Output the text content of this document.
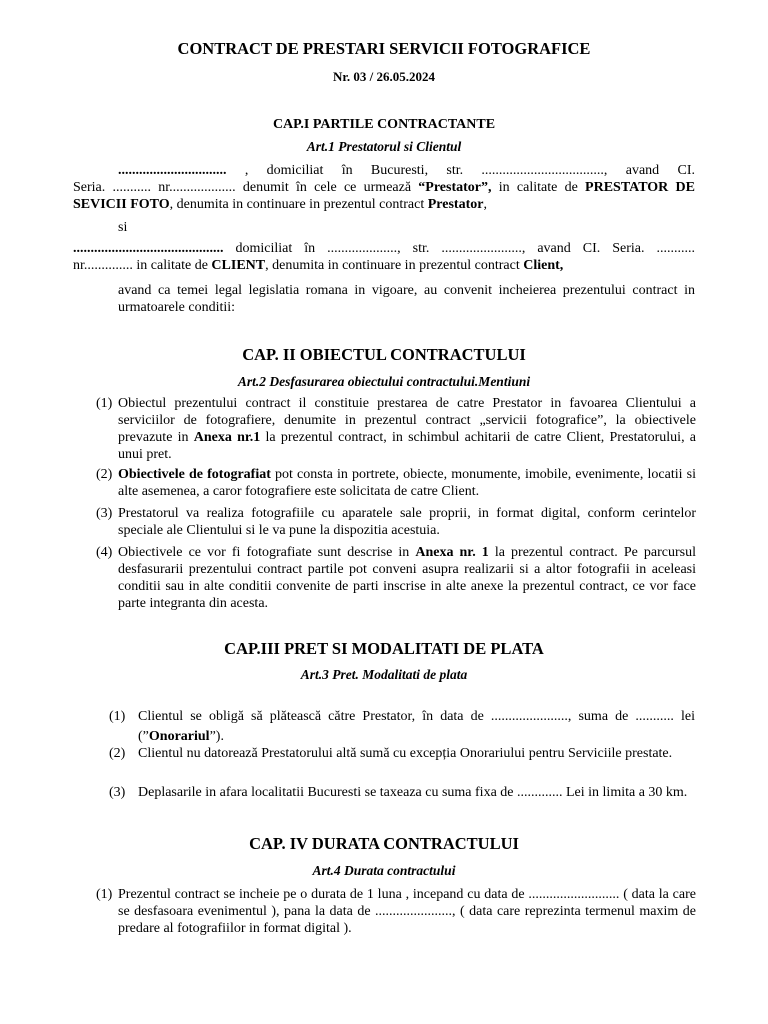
CONTRACT DE PRESTARI SERVICII FOTOGRAFICE
Nr. 03 / 26.05.2024
CAP.I PARTILE CONTRACTANTE
Art.1 Prestatorul si Clientul
............................... , domiciliat în Bucuresti, str. ..................................., avand CI.
Seria. ........... nr................... denumit în cele ce urmează “Prestator”, in calitate de PRESTATOR DE SEVICII FOTO, denumita in continuare in prezentul contract Prestator,
si
........................................... domiciliat în ...................., str. ......................., avand CI. Seria. ...........
nr.............. in calitate de CLIENT, denumita in continuare in prezentul contract Client,
avand ca temei legal legislatia romana in vigoare, au convenit incheierea prezentului contract in urmatoarele conditii:
CAP. II OBIECTUL CONTRACTULUI
Art.2 Desfasurarea obiectului contractului.Mentiuni
(1) Obiectul prezentului contract il constituie prestarea de catre Prestator in favoarea Clientului a serviciilor de fotografiere, denumite in prezentul contract „servicii fotografice”, la obiectivele prevazute in Anexa nr.1 la prezentul contract, in schimbul achitarii de catre Client, Prestatorului, a unui pret.
(2) Obiectivele de fotografiat pot consta in portrete, obiecte, monumente, imobile, evenimente, locatii si alte asemenea, a caror fotografiere este solicitata de catre Client.
(3) Prestatorul va realiza fotografiile cu aparatele sale proprii, in format digital, conform cerintelor speciale ale Clientului si le va pune la dispozitia acestuia.
(4) Obiectivele ce vor fi fotografiate sunt descrise in Anexa nr. 1 la prezentul contract. Pe parcursul desfasurarii prezentului contract partile pot conveni asupra realizarii si a altor fotografii in aceleasi conditii sau in alte conditii convenite de parti inscrise in alte anexe la prezentul contract, ce vor face parte integranta din acesta.
CAP.III PRET SI MODALITATI DE PLATA
Art.3 Pret. Modalitati de plata
(1) Clientul se obligă să plătească către Prestator, în data de ......................, suma de ........... lei (”Onorariul”).
(2) Clientul nu datorează Prestatorului altă sumă cu excepția Onorariului pentru Serviciile prestate.
(3) Deplasarile in afara localitatii Bucuresti se taxeaza cu suma fixa de ............. Lei in limita a 30 km.
CAP. IV DURATA CONTRACTULUI
Art.4 Durata contractului
(1) Prezentul contract se incheie pe o durata de 1 luna , incepand cu data de .......................... ( data la care se desfasoara evenimentul ), pana la data de ......................, ( data care reprezinta termenul maxim de predare al fotografiilor in format digital ).
